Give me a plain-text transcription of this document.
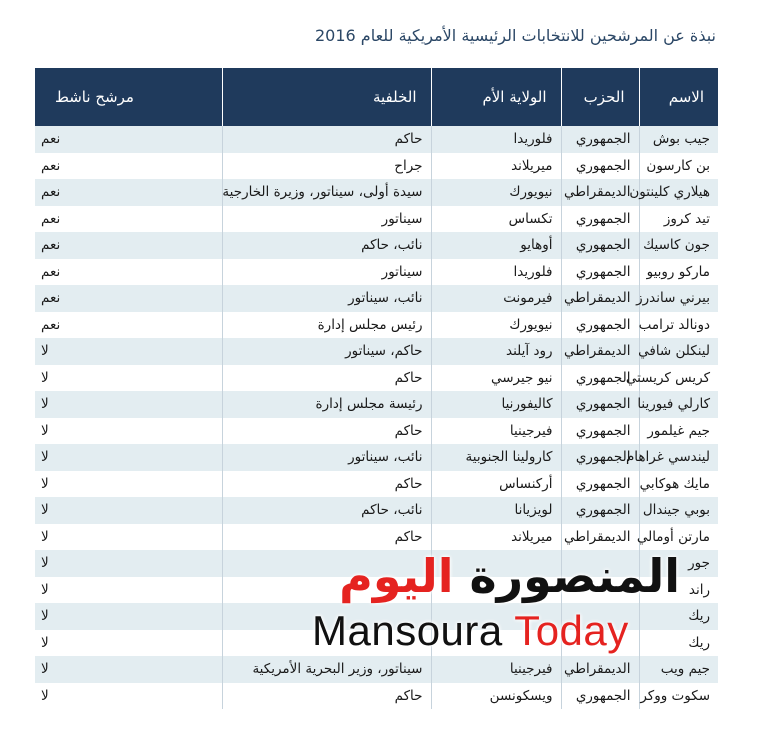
نبذة عن المرشحين للانتخابات الرئيسية الأمريكية للعام 2016
الاسم	الحزب	الولاية الأم	الخلفية	مرشح ناشط
جيب بوش	الجمهوري	فلوريدا	حاكم	نعم
بن كارسون	الجمهوري	ميريلاند	جراح	نعم
هيلاري كلينتون	الديمقراطي	نيويورك	سيدة أولى، سيناتور، وزيرة الخارجية	نعم
تيد كروز	الجمهوري	تكساس	سيناتور	نعم
جون كاسيك	الجمهوري	أوهايو	نائب، حاكم	نعم
ماركو روبيو	الجمهوري	فلوريدا	سيناتور	نعم
بيرني ساندرز	الديمقراطي	فيرمونت	نائب، سيناتور	نعم
دونالد ترامب	الجمهوري	نيويورك	رئيس مجلس إدارة	نعم
لينكلن شافي	الديمقراطي	رود آيلند	حاكم، سيناتور	لا
كريس كريستي	الجمهوري	نيو جيرسي	حاكم	لا
كارلي فيورينا	الجمهوري	كاليفورنيا	رئيسة مجلس إدارة	لا
جيم غيلمور	الجمهوري	فيرجينيا	حاكم	لا
ليندسي غراهام	الجمهوري	كارولينا الجنوبية	نائب، سيناتور	لا
مايك هوكابي	الجمهوري	أركنساس	حاكم	لا
بوبي جيندال	الجمهوري	لويزيانا	نائب، حاكم	لا
مارتن أومالي	الديمقراطي	ميريلاند	حاكم	لا
جور				لا
راند				لا
ريك				لا
ريك				لا
جيم ويب	الديمقراطي	فيرجينيا	سيناتور، وزير البحرية الأمريكية	لا
سكوت ووكر	الجمهوري	ويسكونسن	حاكم	لا
المنصورة اليوم
Mansoura Today
